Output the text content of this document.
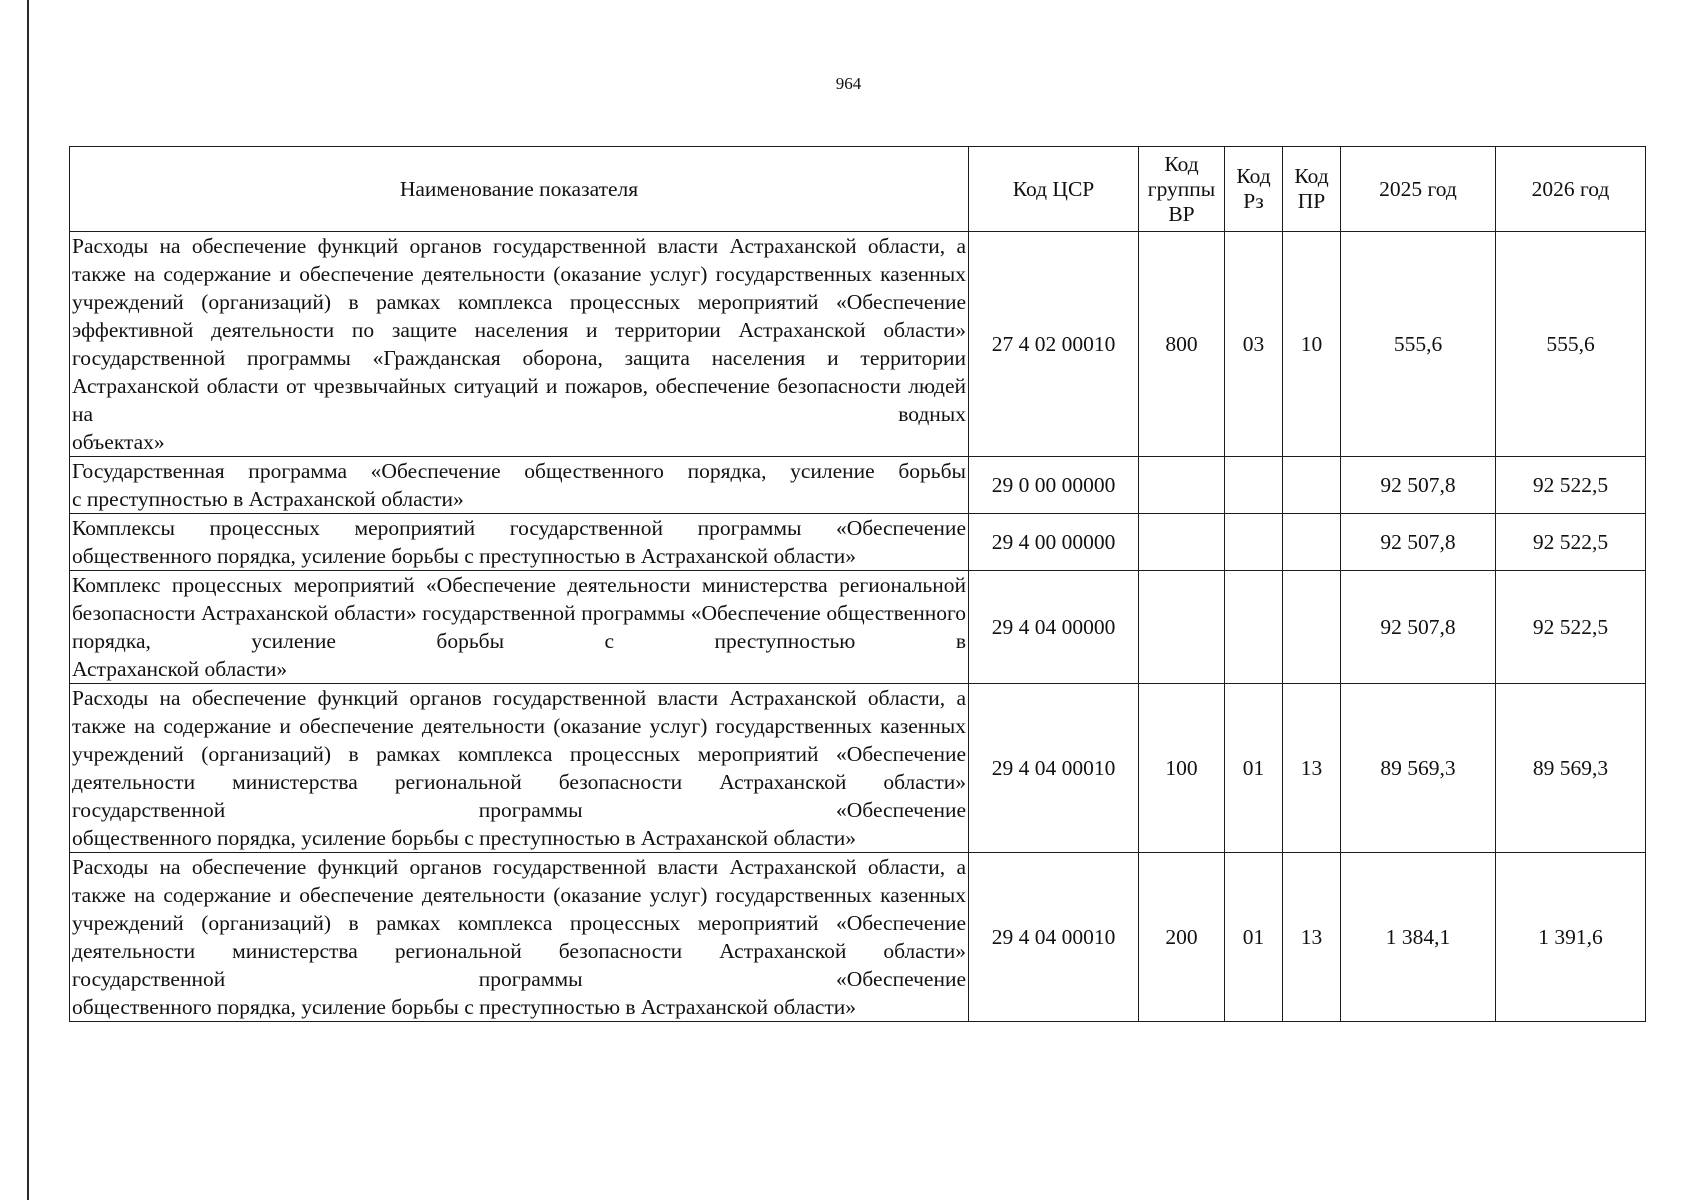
964
Наименование показателя	Код ЦСР	Код группы ВР	Код Рз	Код ПР	2025 год	2026 год
Расходы на обеспечение функций органов государственной власти Астраханской области, а также на содержание и обеспечение деятельности (оказание услуг) государственных казенных учреждений (организаций) в рамках комплекса процессных мероприятий «Обеспечение эффективной деятельности по защите населения и территории Астраханской области» государственной программы «Гражданская оборона, защита населения и территории Астраханской области от чрезвычайных ситуаций и пожаров, обеспечение безопасности людей на водных
объектах»	27 4 02 00010	800	03	10	555,6	555,6
Государственная программа «Обеспечение общественного порядка, усиление борьбы
с преступностью в Астраханской области»	29 0 00 00000				92 507,8	92 522,5
Комплексы процессных мероприятий государственной программы «Обеспечение
общественного порядка, усиление борьбы с преступностью в Астраханской области»	29 4 00 00000				92 507,8	92 522,5
Комплекс процессных мероприятий «Обеспечение деятельности министерства региональной безопасности Астраханской области» государственной программы «Обеспечение общественного порядка, усиление борьбы с преступностью в
Астраханской области»	29 4 04 00000				92 507,8	92 522,5
Расходы на обеспечение функций органов государственной власти Астраханской области, а также на содержание и обеспечение деятельности (оказание услуг) государственных казенных учреждений (организаций) в рамках комплекса процессных мероприятий «Обеспечение деятельности министерства региональной безопасности Астраханской области» государственной программы «Обеспечение
общественного порядка, усиление борьбы с преступностью в Астраханской области»	29 4 04 00010	100	01	13	89 569,3	89 569,3
Расходы на обеспечение функций органов государственной власти Астраханской области, а также на содержание и обеспечение деятельности (оказание услуг) государственных казенных учреждений (организаций) в рамках комплекса процессных мероприятий «Обеспечение деятельности министерства региональной безопасности Астраханской области» государственной программы «Обеспечение
общественного порядка, усиление борьбы с преступностью в Астраханской области»	29 4 04 00010	200	01	13	1 384,1	1 391,6
